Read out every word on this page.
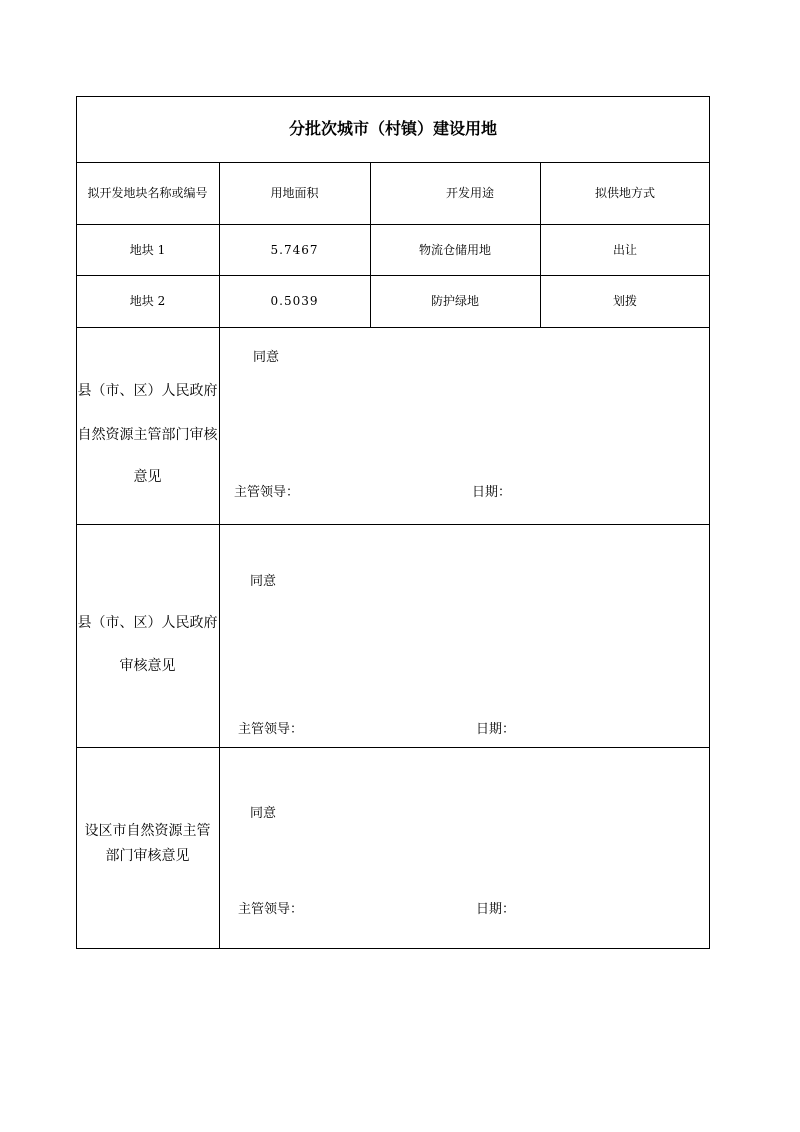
分批次城市（村镇）建设用地
拟开发地块名称或编号	用地面积	开发用途	拟供地方式
地块 1	5.7467	物流仓储用地	出让
地块 2	0.5039	防护绿地	划拨
县（市、区）人民政府
自然资源主管部门审核
意见
同意
主管领导：	日期：
县（市、区）人民政府
审核意见
同意
主管领导：	日期：
设区市自然资源主管
部门审核意见
同意
主管领导：	日期：
